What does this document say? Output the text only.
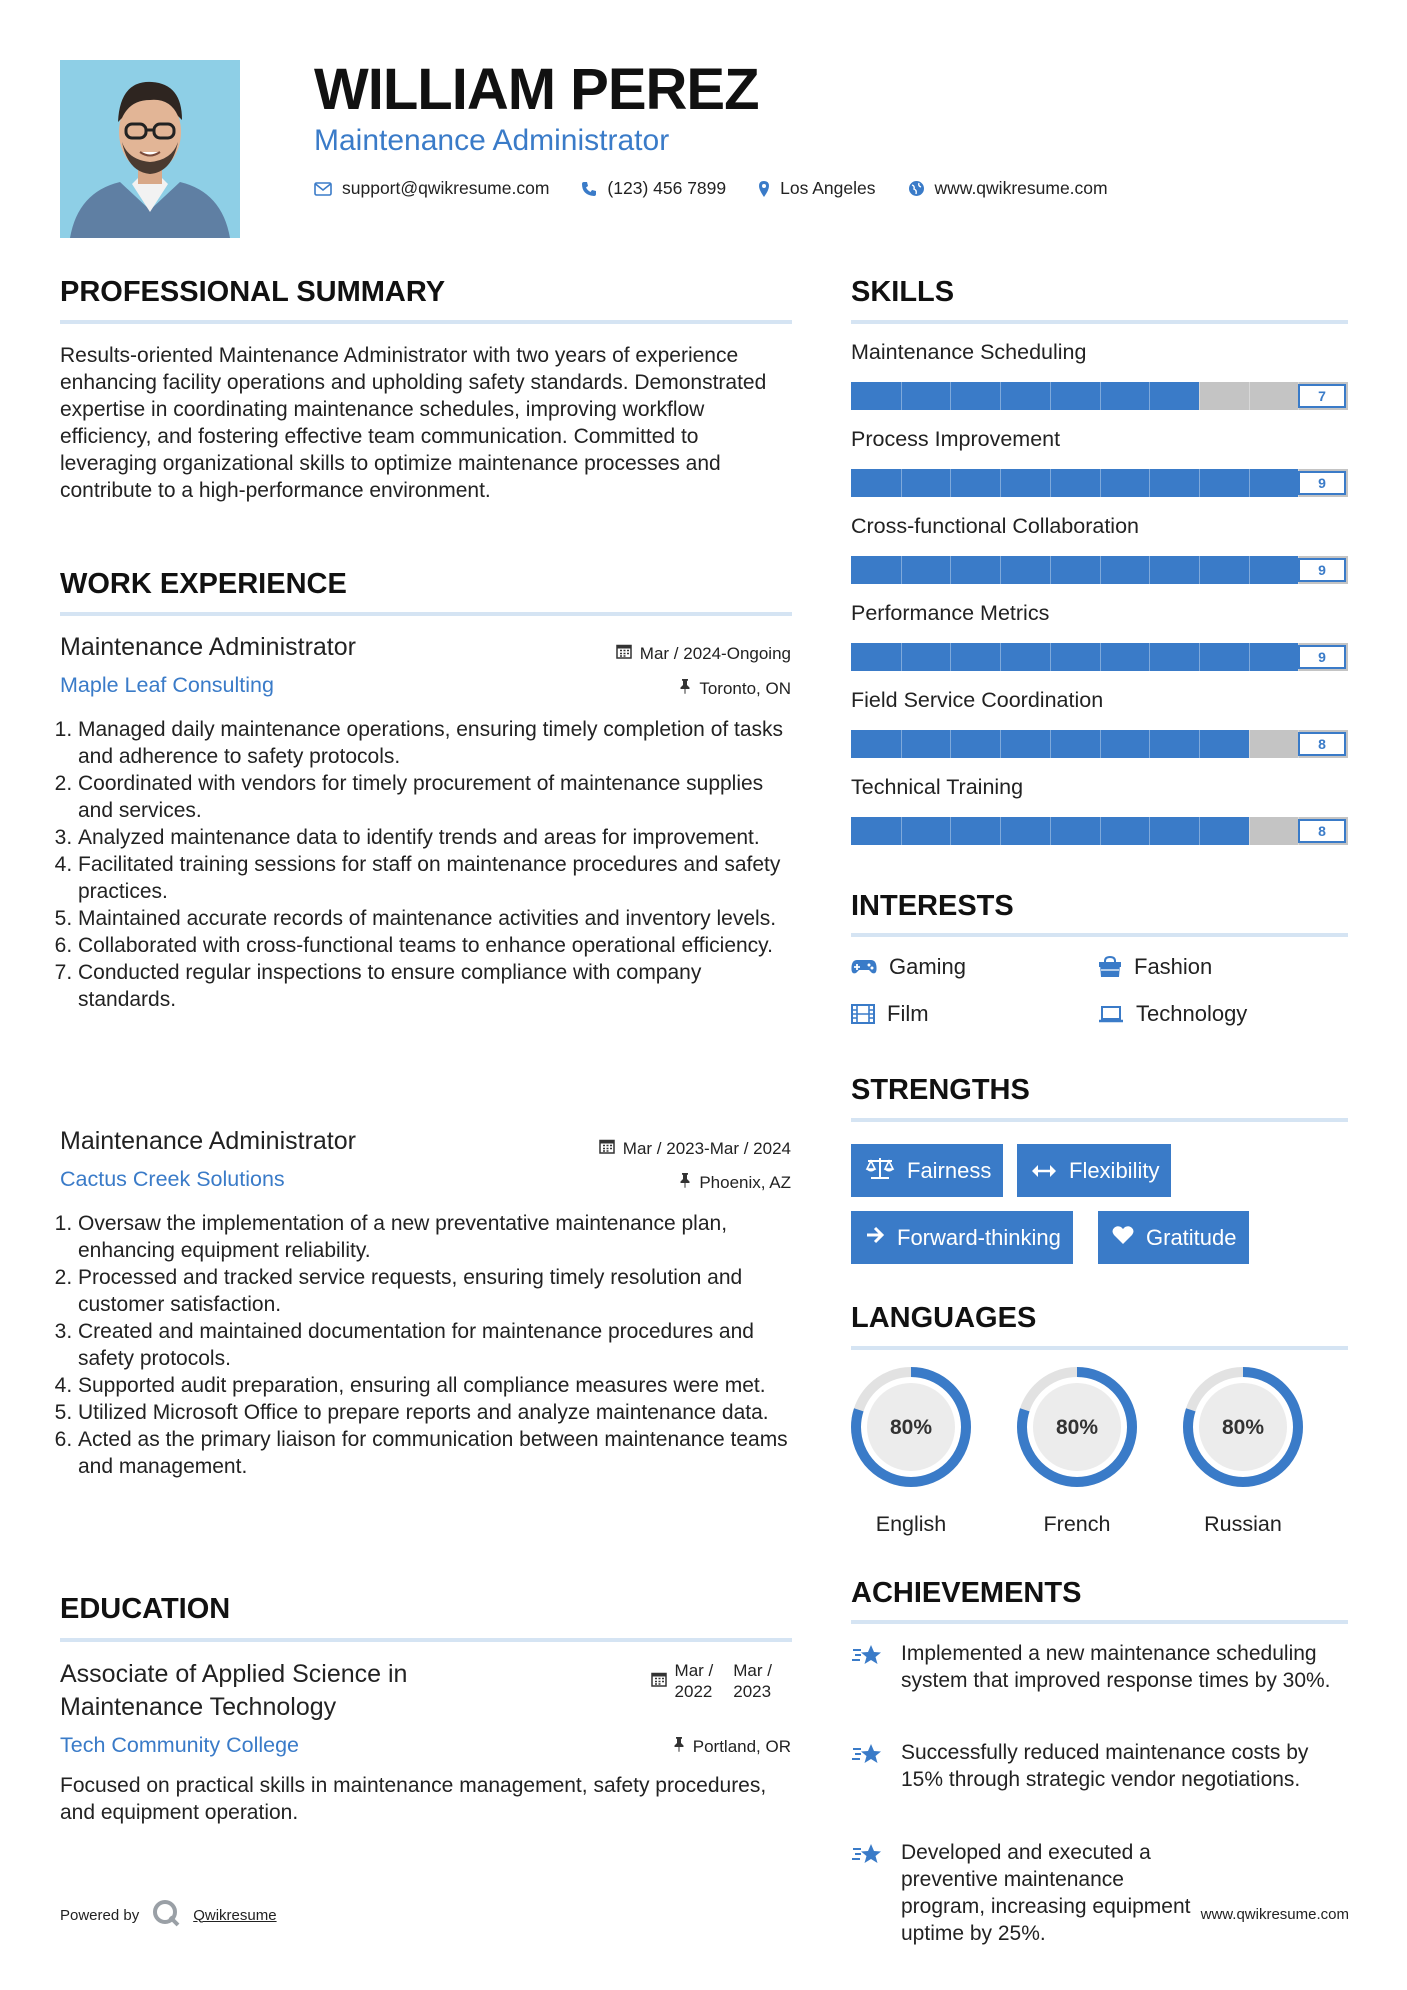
WILLIAM PEREZ
Maintenance Administrator
support@qwikresume.com	(123) 456 7899	Los Angeles	www.qwikresume.com
PROFESSIONAL SUMMARY
Results-oriented Maintenance Administrator with two years of experience enhancing facility operations and upholding safety standards. Demonstrated expertise in coordinating maintenance schedules, improving workflow efficiency, and fostering effective team communication. Committed to leveraging organizational skills to optimize maintenance processes and contribute to a high-performance environment.
WORK EXPERIENCE
Maintenance Administrator	Mar / 2024-Ongoing
Maple Leaf Consulting	Toronto, ON
1. Managed daily maintenance operations, ensuring timely completion of tasks and adherence to safety protocols.
2. Coordinated with vendors for timely procurement of maintenance supplies and services.
3. Analyzed maintenance data to identify trends and areas for improvement.
4. Facilitated training sessions for staff on maintenance procedures and safety practices.
5. Maintained accurate records of maintenance activities and inventory levels.
6. Collaborated with cross-functional teams to enhance operational efficiency.
7. Conducted regular inspections to ensure compliance with company standards.
Maintenance Administrator	Mar / 2023-Mar / 2024
Cactus Creek Solutions	Phoenix, AZ
1. Oversaw the implementation of a new preventative maintenance plan, enhancing equipment reliability.
2. Processed and tracked service requests, ensuring timely resolution and customer satisfaction.
3. Created and maintained documentation for maintenance procedures and safety protocols.
4. Supported audit preparation, ensuring all compliance measures were met.
5. Utilized Microsoft Office to prepare reports and analyze maintenance data.
6. Acted as the primary liaison for communication between maintenance teams and management.
EDUCATION
Associate of Applied Science in
Maintenance Technology
Mar /
2022
Mar /
2023
Tech Community College	Portland, OR
Focused on practical skills in maintenance management, safety procedures, and equipment operation.
SKILLS
Maintenance Scheduling
7
Process Improvement
9
Cross-functional Collaboration
9
Performance Metrics
9
Field Service Coordination
8
Technical Training
8
INTERESTS
Gaming	Fashion
Film	Technology
STRENGTHS
Fairness	Flexibility
Forward-thinking	Gratitude
LANGUAGES
80%
English
80%
French
80%
Russian
ACHIEVEMENTS
Implemented a new maintenance scheduling system that improved response times by 30%.
Successfully reduced maintenance costs by 15% through strategic vendor negotiations.
Developed and executed a preventive maintenance program, increasing equipment uptime by 25%.
Powered by	Qwikresume	www.qwikresume.com
